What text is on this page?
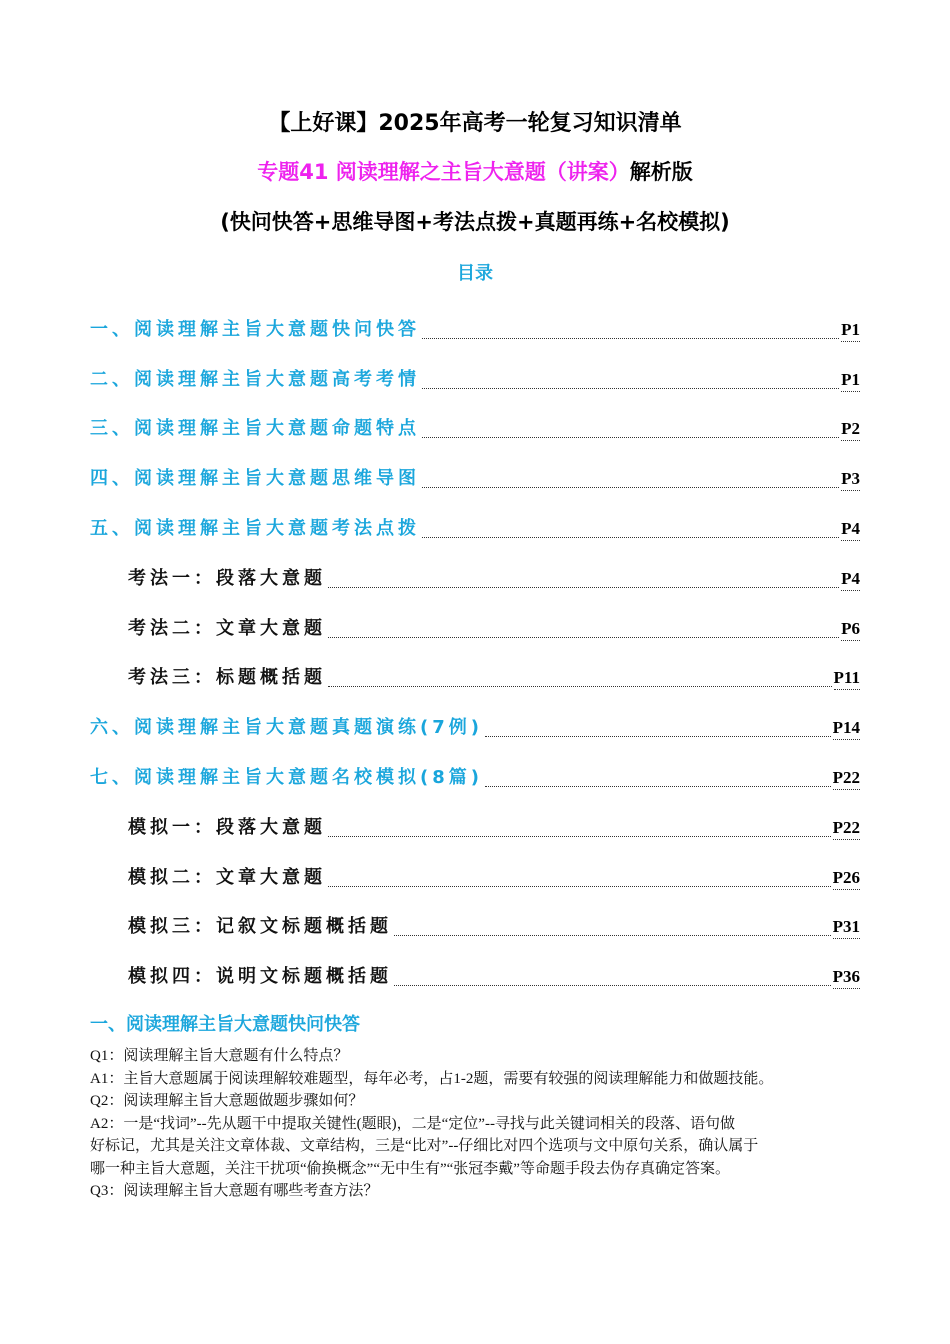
【上好课】2025年高考一轮复习知识清单
专题41 阅读理解之主旨大意题（讲案）解析版
(快问快答+思维导图+考法点拨+真题再练+名校模拟)
目录
一、阅读理解主旨大意题快问快答	P1
二、阅读理解主旨大意题高考考情	P1
三、阅读理解主旨大意题命题特点	P2
四、阅读理解主旨大意题思维导图	P3
五、阅读理解主旨大意题考法点拨	P4
考法一：段落大意题	P4
考法二：文章大意题	P6
考法三：标题概括题	P11
六、阅读理解主旨大意题真题演练(7例)	P14
七、阅读理解主旨大意题名校模拟(8篇)	P22
模拟一：段落大意题	P22
模拟二：文章大意题	P26
模拟三：记叙文标题概括题	P31
模拟四：说明文标题概括题	P36
一、阅读理解主旨大意题快问快答
Q1：阅读理解主旨大意题有什么特点？
A1：主旨大意题属于阅读理解较难题型，每年必考，占1-2题，需要有较强的阅读理解能力和做题技能。
Q2：阅读理解主旨大意题做题步骤如何？
A2：一是“找词”--先从题干中提取关键性(题眼)，二是“定位”--寻找与此关键词相关的段落、语句做
好标记，尤其是关注文章体裁、文章结构，三是“比对”--仔细比对四个选项与文中原句关系，确认属于
哪一种主旨大意题，关注干扰项“偷换概念”“无中生有”“张冠李戴”等命题手段去伪存真确定答案。
Q3：阅读理解主旨大意题有哪些考查方法？
